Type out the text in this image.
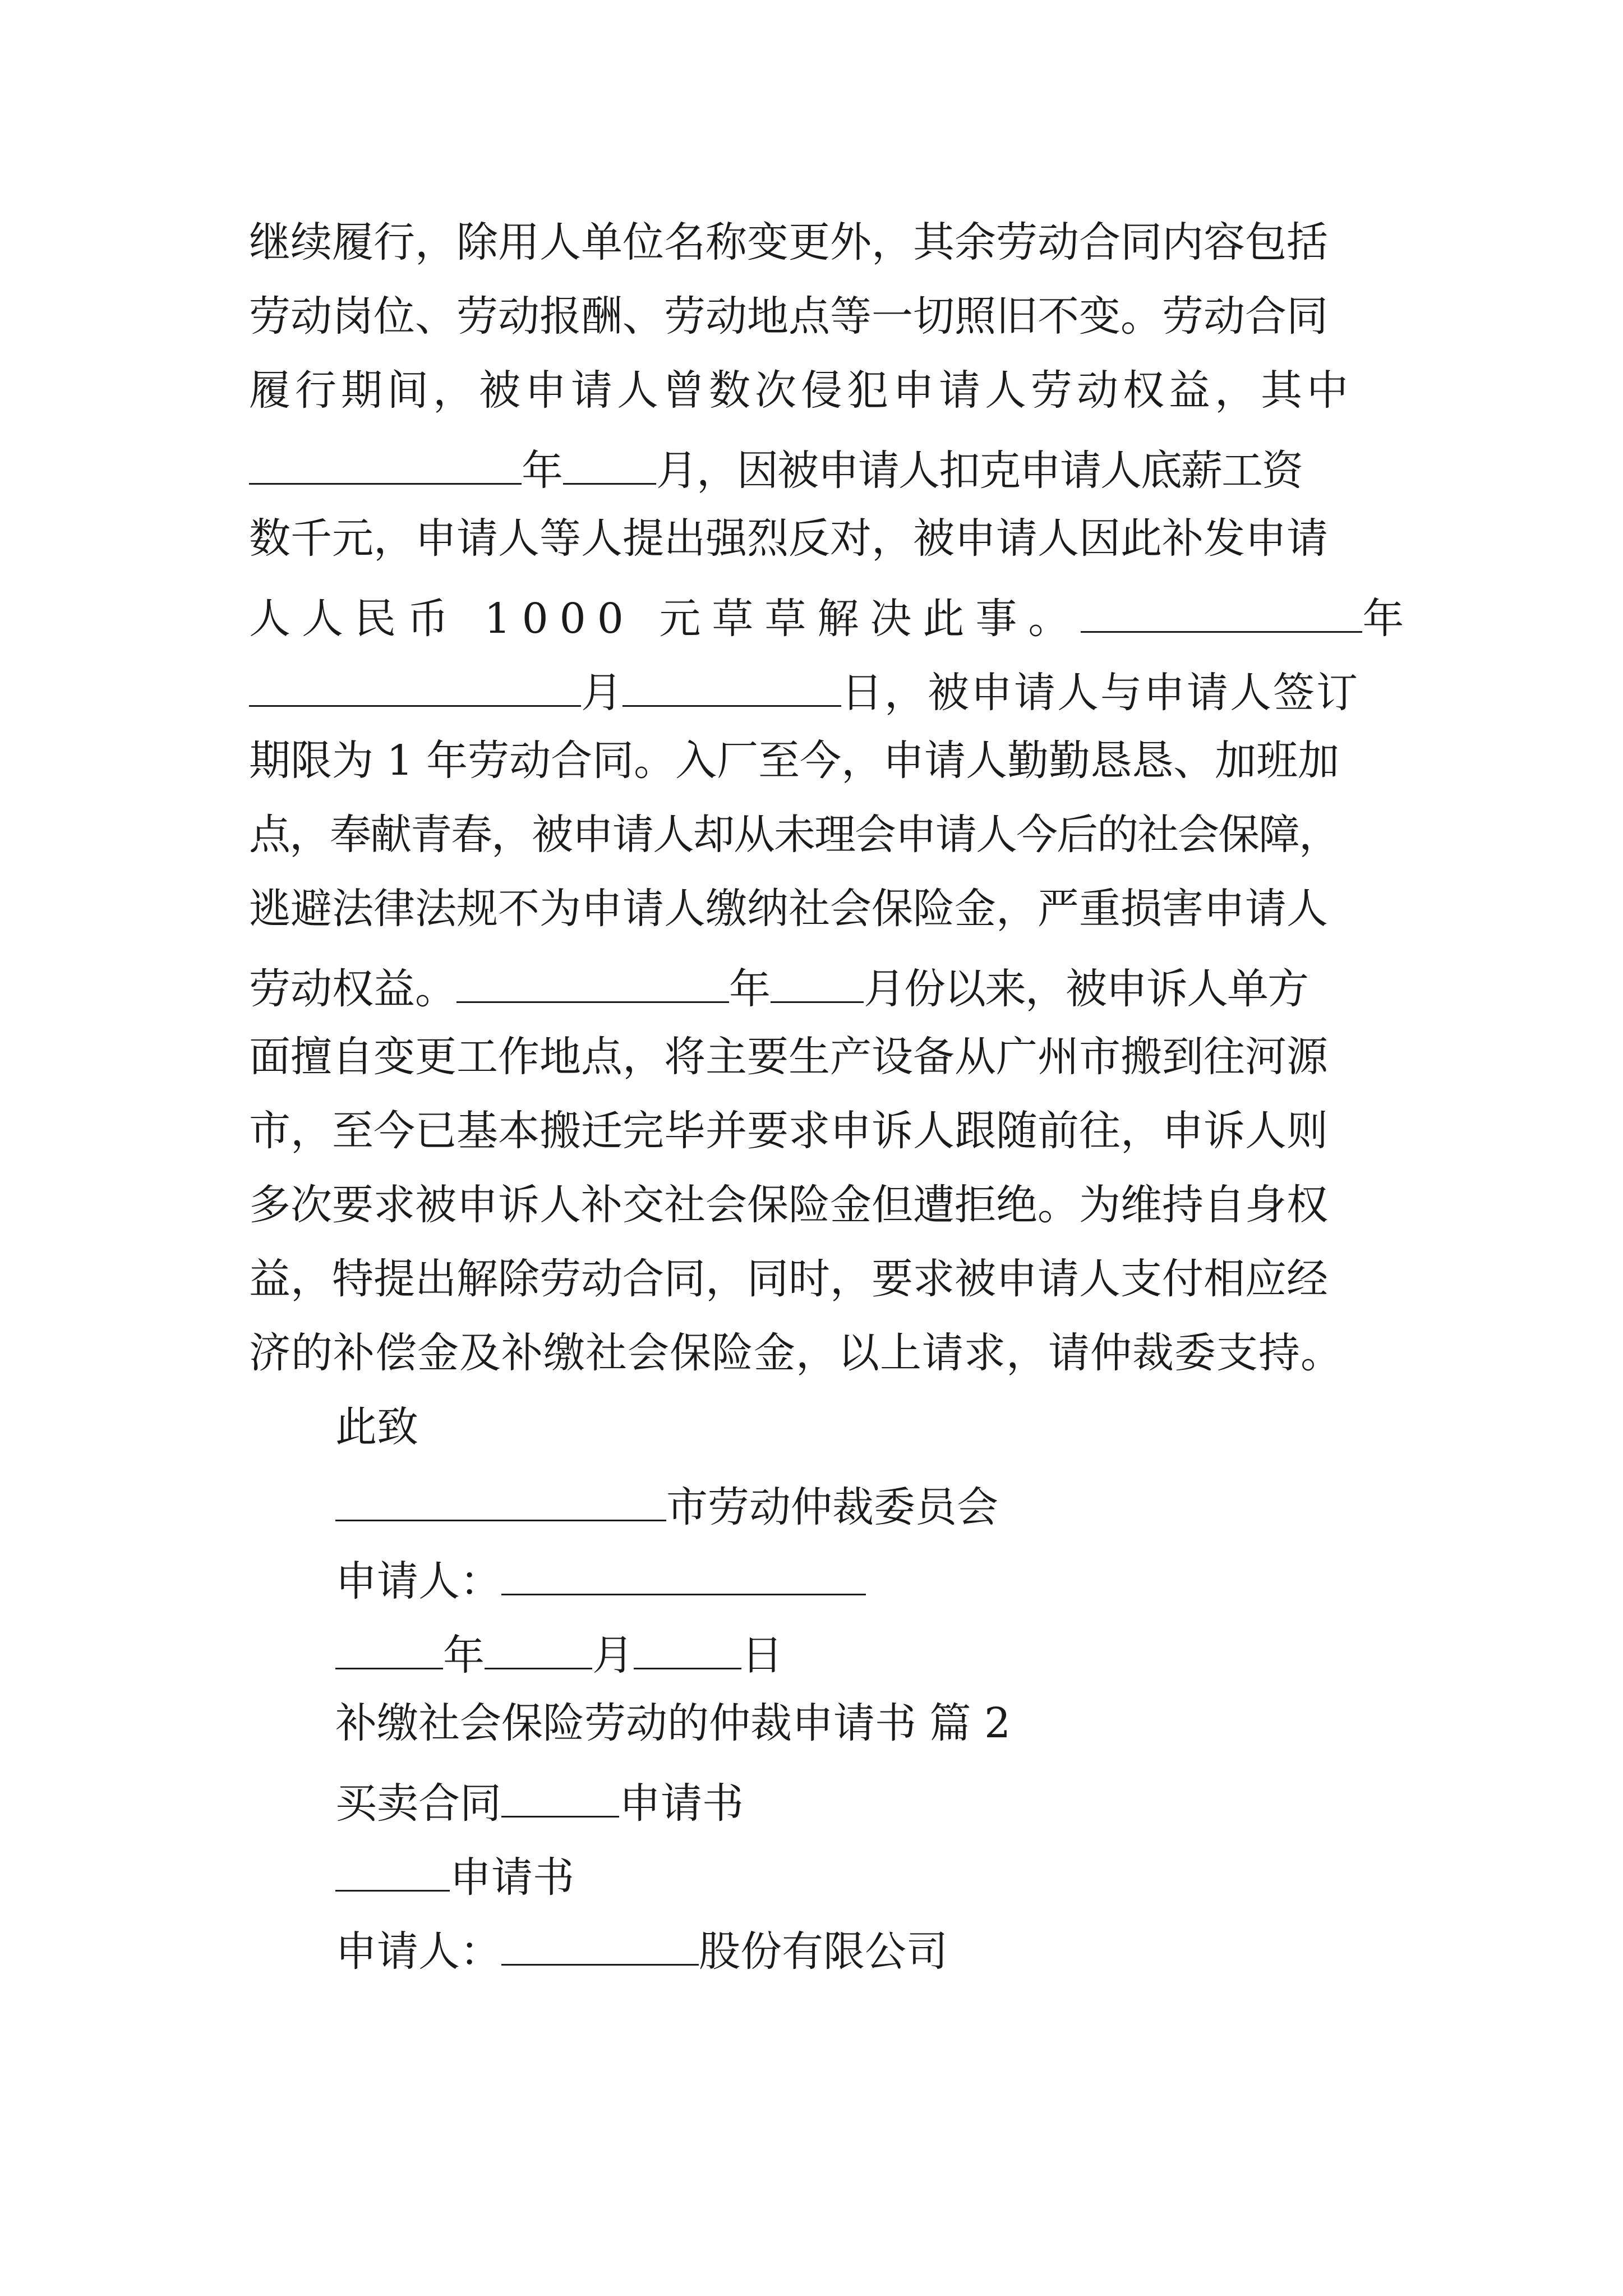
继续履行，除用人单位名称变更外，其余劳动合同内容包括
劳动岗位、劳动报酬、劳动地点等一切照旧不变。劳动合同
履行期间，被申请人曾数次侵犯申请人劳动权益，其中
年 月，因被申请人扣克申请人底薪工资
数千元，申请人等人提出强烈反对，被申请人因此补发申请
人人民币 1000 元草草解决此事。	年
月	日，被申请人与申请人签订
期限为 1 年劳动合同。入厂至今，申请人勤勤恳恳、加班加
点，奉献青春，被申请人却从未理会申请人今后的社会保障，
逃避法律法规不为申请人缴纳社会保险金，严重损害申请人
劳动权益。	年 月份以来，被申诉人单方
面擅自变更工作地点，将主要生产设备从广州市搬到往河源
市，至今已基本搬迁完毕并要求申诉人跟随前往，申诉人则
多次要求被申诉人补交社会保险金但遭拒绝。为维持自身权
益，特提出解除劳动合同，同时，要求被申请人支付相应经
济的补偿金及补缴社会保险金，以上请求，请仲裁委支持。
此致
市劳动仲裁委员会
申请人：
年	月	日
补缴社会保险劳动的仲裁申请书 篇 2
买卖合同	申请书
申请书
申请人：	股份有限公司
